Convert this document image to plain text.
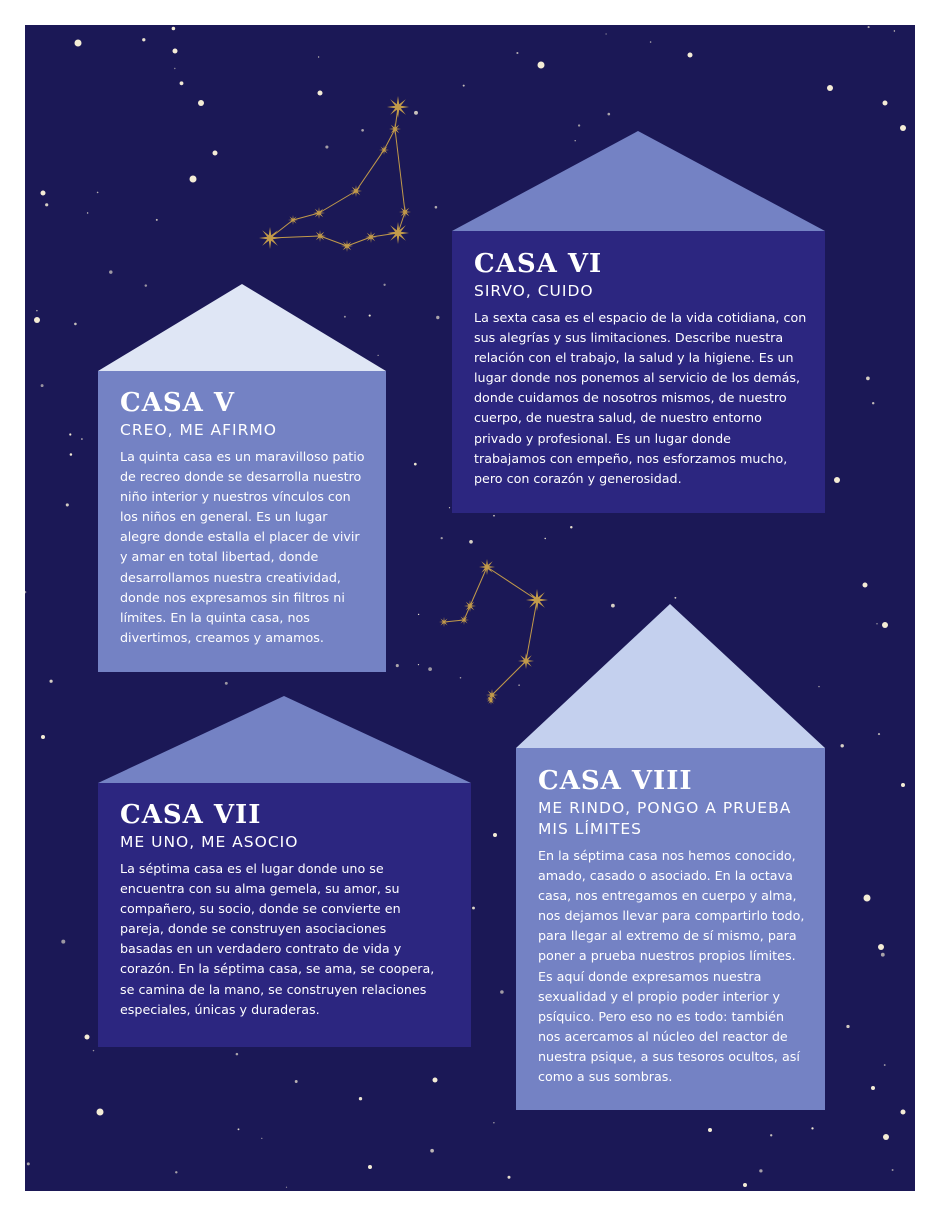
CASA V
CREO, ME AFIRMO

La quinta casa es un maravilloso patio
de recreo donde se desarrolla nuestro
niño interior y nuestros vínculos con
los niños en general. Es un lugar
alegre donde estalla el placer de vivir
y amar en total libertad, donde
desarrollamos nuestra creatividad,
donde nos expresamos sin filtros ni
límites. En la quinta casa, nos
divertimos, creamos y amamos.

CASA VI
SIRVO, CUIDO

La sexta casa es el espacio de la vida cotidiana, con
sus alegrías y sus limitaciones. Describe nuestra
relación con el trabajo, la salud y la higiene. Es un
lugar donde nos ponemos al servicio de los demás,
donde cuidamos de nosotros mismos, de nuestro
cuerpo, de nuestra salud, de nuestro entorno
privado y profesional. Es un lugar donde
trabajamos con empeño, nos esforzamos mucho,
pero con corazón y generosidad.

CASA VII
ME UNO, ME ASOCIO

La séptima casa es el lugar donde uno se
encuentra con su alma gemela, su amor, su
compañero, su socio, donde se convierte en
pareja, donde se construyen asociaciones
basadas en un verdadero contrato de vida y
corazón. En la séptima casa, se ama, se coopera,
se camina de la mano, se construyen relaciones
especiales, únicas y duraderas.

CASA VIII
ME RINDO, PONGO A PRUEBA
MIS LÍMITES

En la séptima casa nos hemos conocido,
amado, casado o asociado. En la octava
casa, nos entregamos en cuerpo y alma,
nos dejamos llevar para compartirlo todo,
para llegar al extremo de sí mismo, para
poner a prueba nuestros propios límites.
Es aquí donde expresamos nuestra
sexualidad y el propio poder interior y
psíquico. Pero eso no es todo: también
nos acercamos al núcleo del reactor de
nuestra psique, a sus tesoros ocultos, así
como a sus sombras.
